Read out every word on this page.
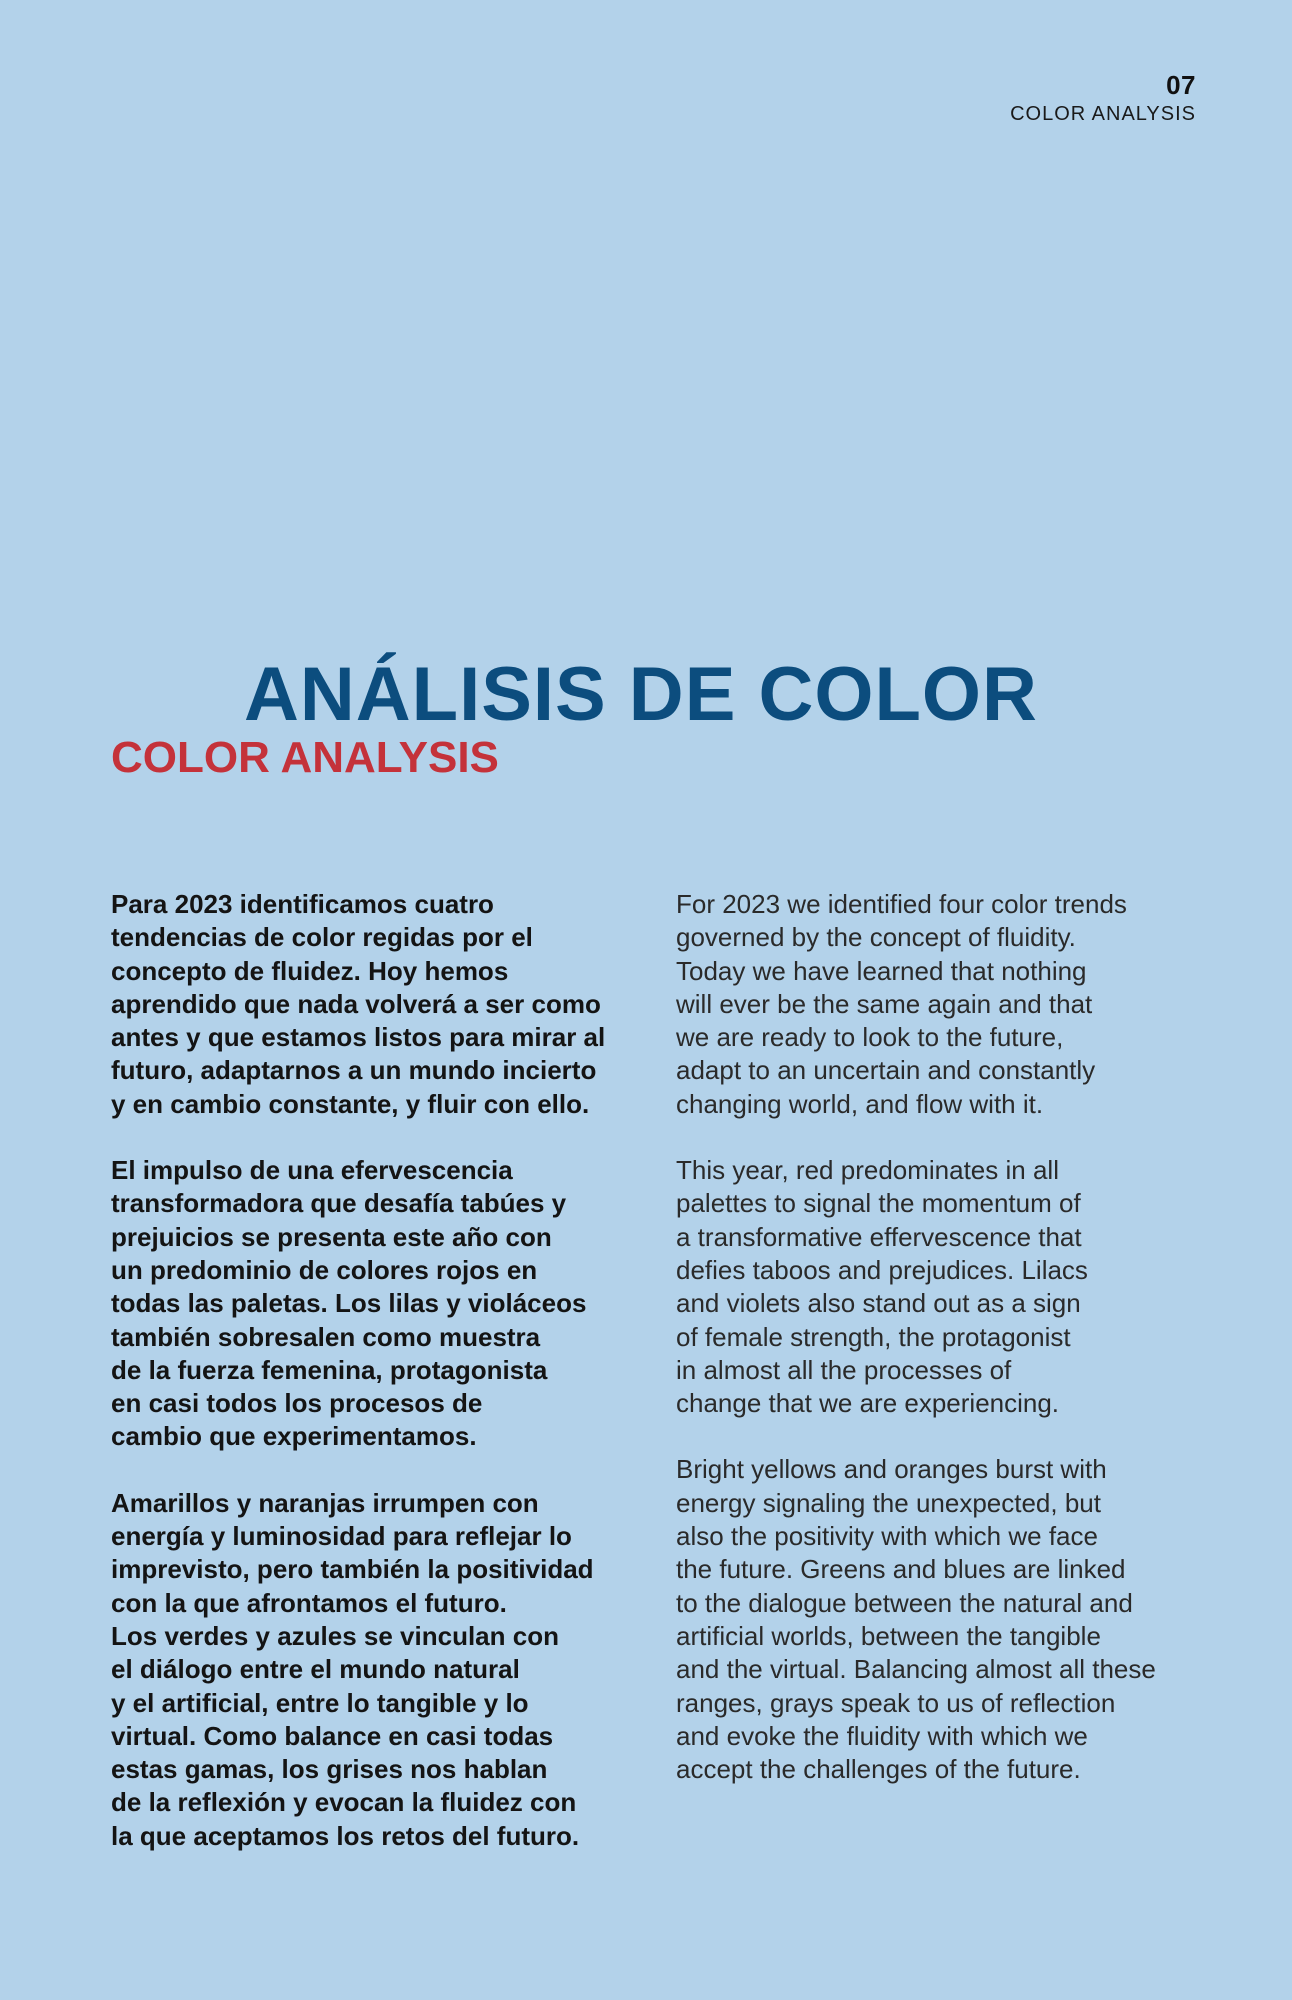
07
COLOR ANALYSIS
ANÁLISIS DE COLOR
COLOR ANALYSIS

Para 2023 identificamos cuatro
tendencias de color regidas por el
concepto de fluidez. Hoy hemos
aprendido que nada volverá a ser como
antes y que estamos listos para mirar al
futuro, adaptarnos a un mundo incierto
y en cambio constante, y fluir con ello.

El impulso de una efervescencia
transformadora que desafía tabúes y
prejuicios se presenta este año con
un predominio de colores rojos en
todas las paletas. Los lilas y violáceos
también sobresalen como muestra
de la fuerza femenina, protagonista
en casi todos los procesos de
cambio que experimentamos.

Amarillos y naranjas irrumpen con
energía y luminosidad para reflejar lo
imprevisto, pero también la positividad
con la que afrontamos el futuro.
Los verdes y azules se vinculan con
el diálogo entre el mundo natural
y el artificial, entre lo tangible y lo
virtual. Como balance en casi todas
estas gamas, los grises nos hablan
de la reflexión y evocan la fluidez con
la que aceptamos los retos del futuro.

For 2023 we identified four color trends
governed by the concept of fluidity.
Today we have learned that nothing
will ever be the same again and that
we are ready to look to the future,
adapt to an uncertain and constantly
changing world, and flow with it.

This year, red predominates in all
palettes to signal the momentum of
a transformative effervescence that
defies taboos and prejudices. Lilacs
and violets also stand out as a sign
of female strength, the protagonist
in almost all the processes of
change that we are experiencing.

Bright yellows and oranges burst with
energy signaling the unexpected, but
also the positivity with which we face
the future. Greens and blues are linked
to the dialogue between the natural and
artificial worlds, between the tangible
and the virtual. Balancing almost all these
ranges, grays speak to us of reflection
and evoke the fluidity with which we
accept the challenges of the future.
